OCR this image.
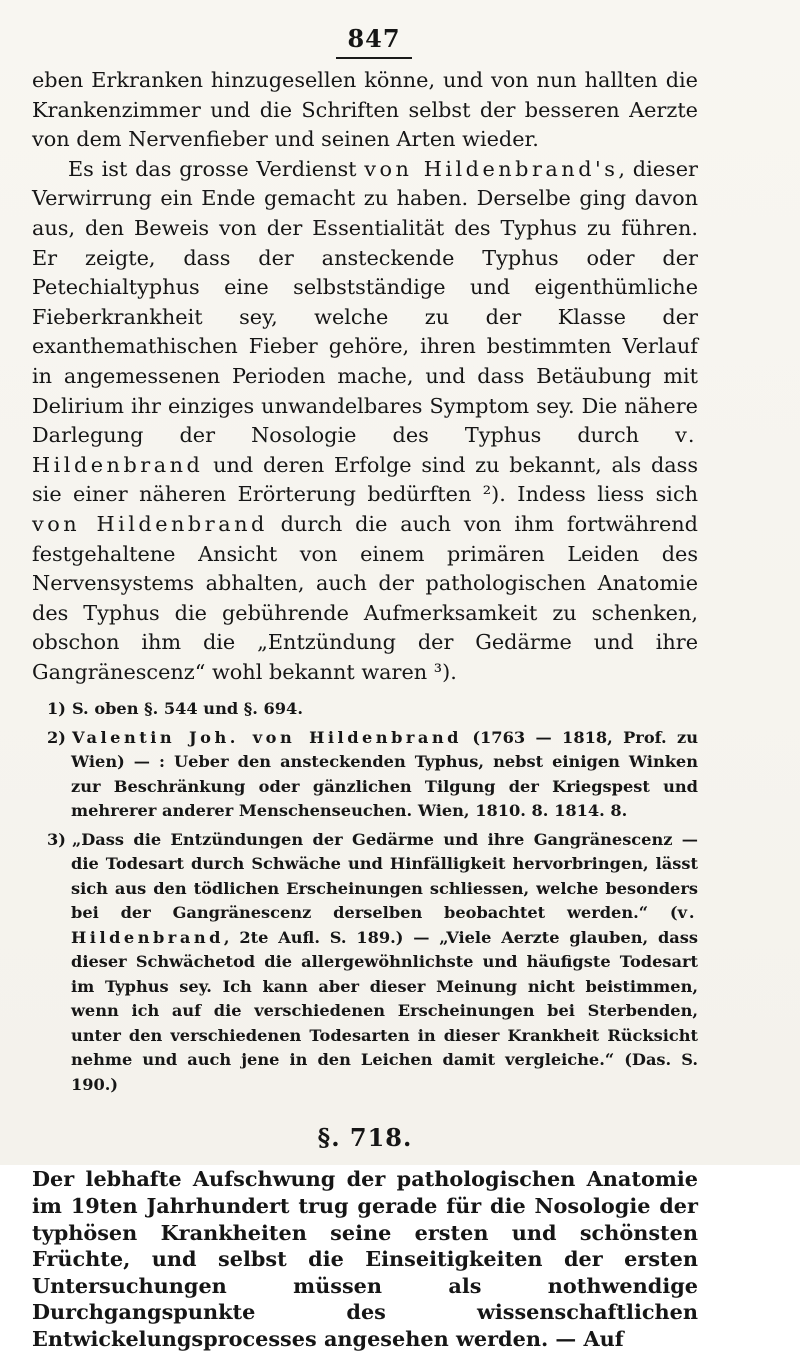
847

eben Erkranken hinzugesellen könne, und von nun hallten die Krankenzimmer und die Schriften selbst der besseren Aerzte von dem Nervenfieber und seinen Arten wieder.

Es ist das grosse Verdienst von Hildenbrand's, dieser Verwirrung ein Ende gemacht zu haben. Derselbe ging davon aus, den Beweis von der Essentialität des Typhus zu führen. Er zeigte, dass der ansteckende Typhus oder der Petechialtyphus eine selbstständige und eigenthümliche Fieberkrankheit sey, welche zu der Klasse der exanthemathischen Fieber gehöre, ihren bestimmten Verlauf in angemessenen Perioden mache, und dass Betäubung mit Delirium ihr einziges unwandelbares Symptom sey. Die nähere Darlegung der Nosologie des Typhus durch v. Hildenbrand und deren Erfolge sind zu bekannt, als dass sie einer näheren Erörterung bedürften ²). Indess liess sich von Hildenbrand durch die auch von ihm fortwährend festgehaltene Ansicht von einem primären Leiden des Nervensystems abhalten, auch der pathologischen Anatomie des Typhus die gebührende Aufmerksamkeit zu schenken, obschon ihm die „Entzündung der Gedärme und ihre Gangränescenz“ wohl bekannt waren ³).

1) S. oben §. 544 und §. 694.

2) Valentin Joh. von Hildenbrand (1763 — 1818, Prof. zu Wien) — : Ueber den ansteckenden Typhus, nebst einigen Winken zur Beschränkung oder gänzlichen Tilgung der Kriegspest und mehrerer anderer Menschenseuchen. Wien, 1810. 8. 1814. 8.

3) „Dass die Entzündungen der Gedärme und ihre Gangränescenz — die Todesart durch Schwäche und Hinfälligkeit hervorbringen, lässt sich aus den tödlichen Erscheinungen schliessen, welche besonders bei der Gangränescenz derselben beobachtet werden.“ (v. Hildenbrand, 2te Aufl. S. 189.) — „Viele Aerzte glauben, dass dieser Schwächetod die allergewöhnlichste und häufigste Todesart im Typhus sey. Ich kann aber dieser Meinung nicht beistimmen, wenn ich auf die verschiedenen Erscheinungen bei Sterbenden, unter den verschiedenen Todesarten in dieser Krankheit Rücksicht nehme und auch jene in den Leichen damit vergleiche.“ (Das. S. 190.)

§. 718.

Der lebhafte Aufschwung der pathologischen Anatomie im 19ten Jahrhundert trug gerade für die Nosologie der typhösen Krankheiten seine ersten und schönsten Früchte, und selbst die Einseitigkeiten der ersten Untersuchungen müssen als nothwendige Durchgangspunkte des wissenschaftlichen Entwickelungsprocesses angesehen werden. — Auf
